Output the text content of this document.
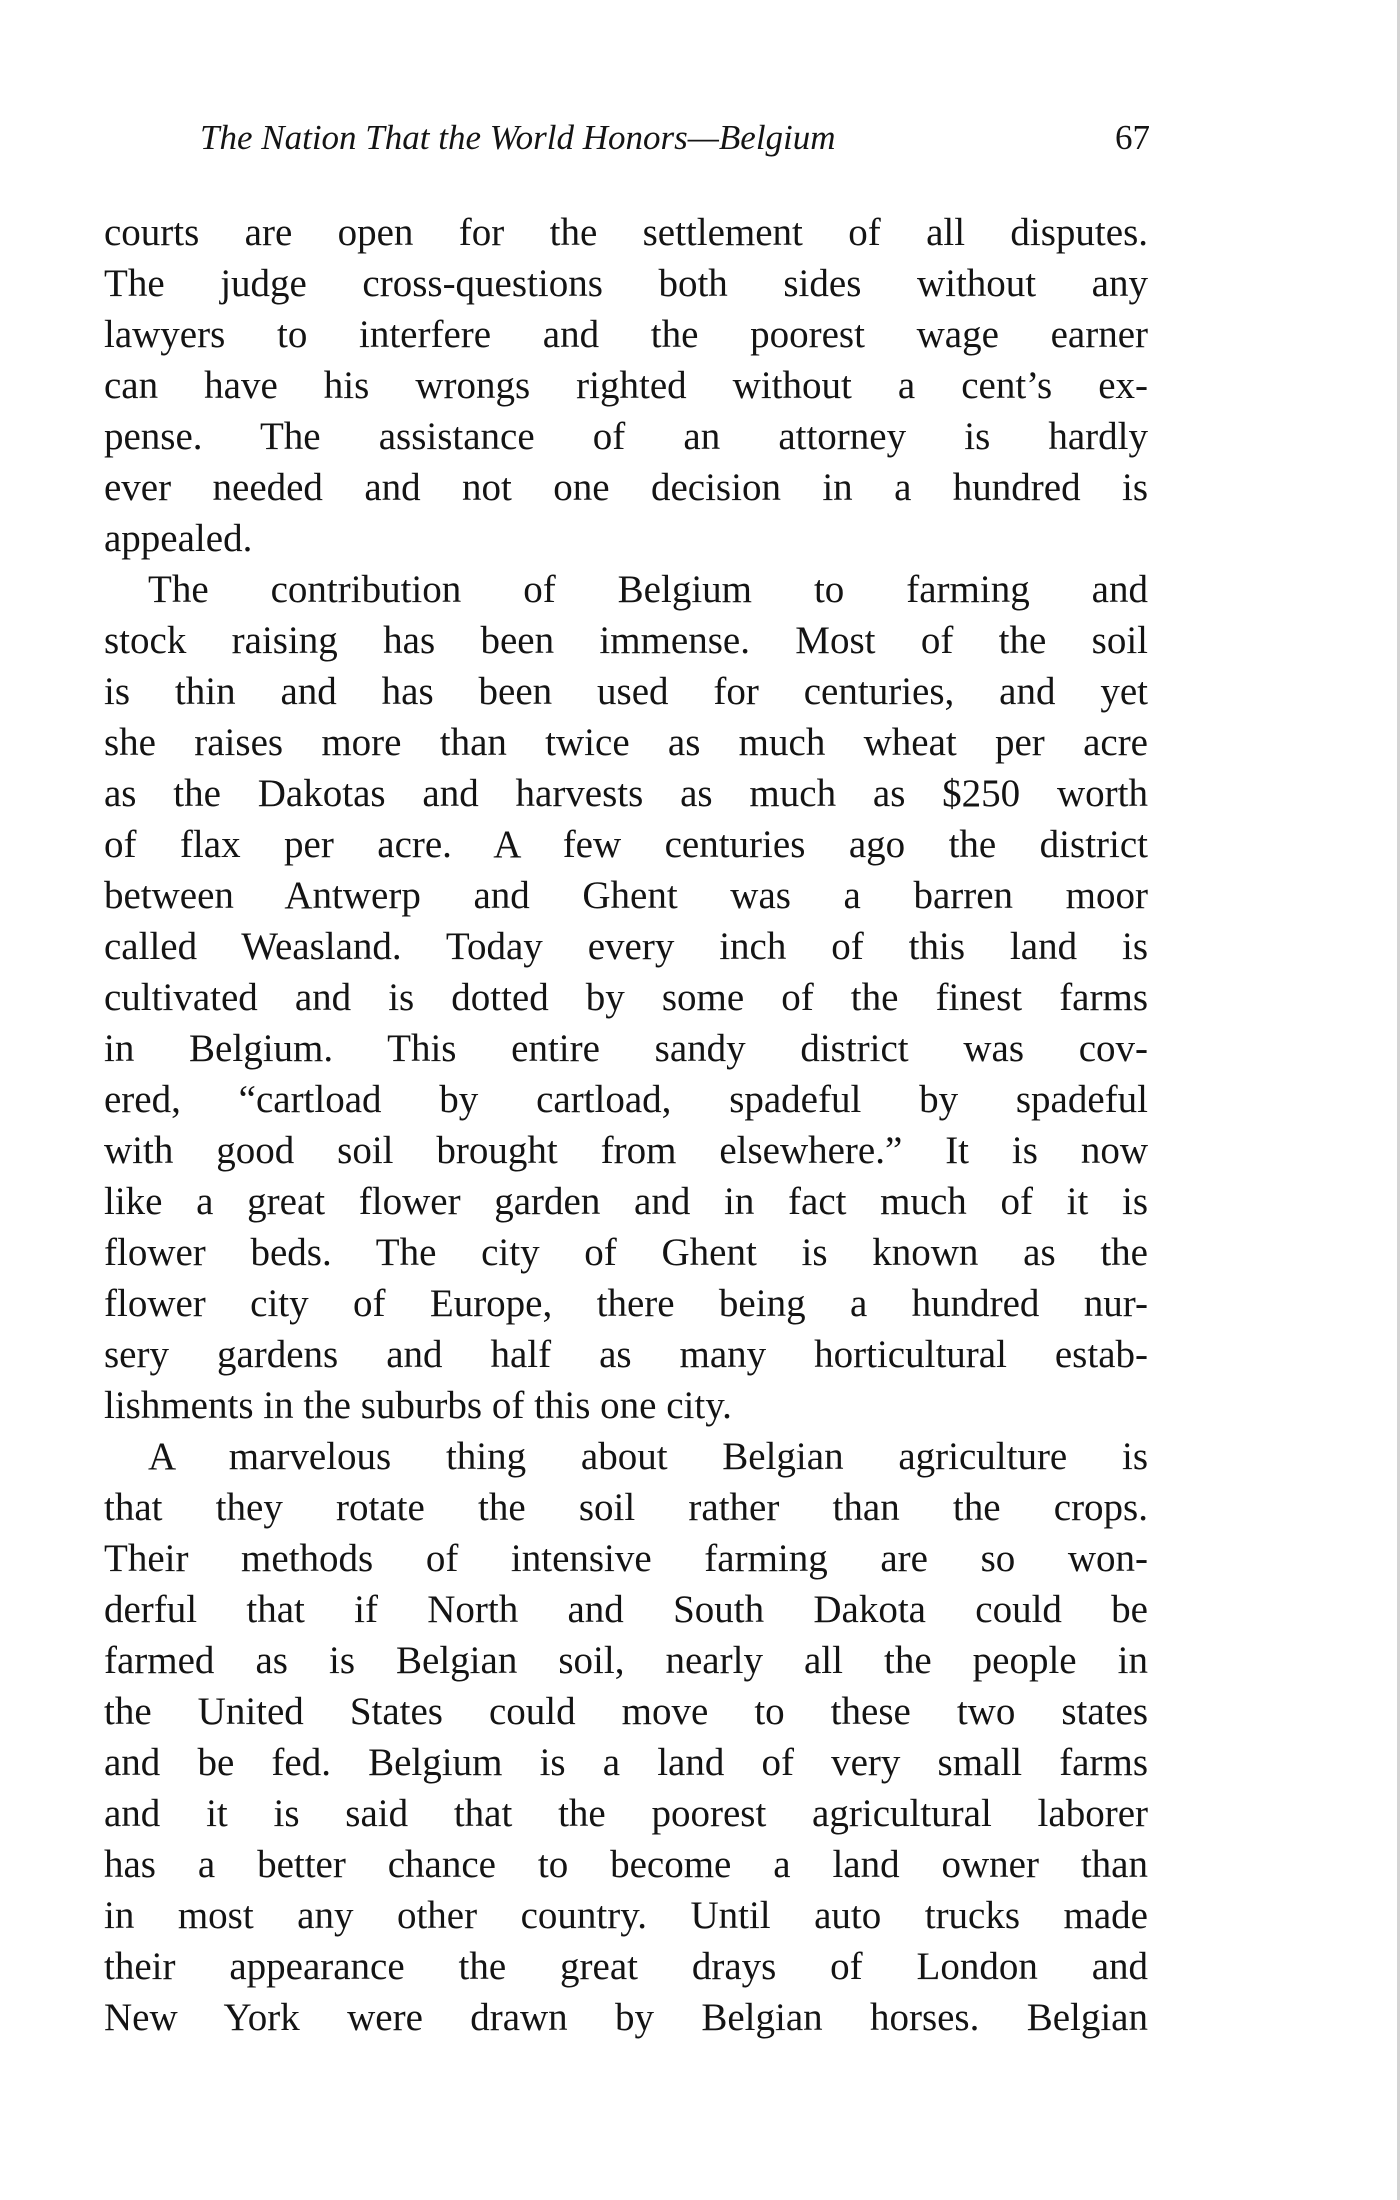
The Nation That the World Honors—Belgium	67
courts are open for the settlement of all disputes.
The judge cross-questions both sides without any
lawyers to interfere and the poorest wage earner
can have his wrongs righted without a cent’s ex-
pense. The assistance of an attorney is hardly
ever needed and not one decision in a hundred is
appealed.
The contribution of Belgium to farming and
stock raising has been immense. Most of the soil
is thin and has been used for centuries, and yet
she raises more than twice as much wheat per acre
as the Dakotas and harvests as much as $250 worth
of flax per acre. A few centuries ago the district
between Antwerp and Ghent was a barren moor
called Weasland. Today every inch of this land is
cultivated and is dotted by some of the finest farms
in Belgium. This entire sandy district was cov-
ered, “cartload by cartload, spadeful by spadeful
with good soil brought from elsewhere.” It is now
like a great flower garden and in fact much of it is
flower beds. The city of Ghent is known as the
flower city of Europe, there being a hundred nur-
sery gardens and half as many horticultural estab-
lishments in the suburbs of this one city.
A marvelous thing about Belgian agriculture is
that they rotate the soil rather than the crops.
Their methods of intensive farming are so won-
derful that if North and South Dakota could be
farmed as is Belgian soil, nearly all the people in
the United States could move to these two states
and be fed. Belgium is a land of very small farms
and it is said that the poorest agricultural laborer
has a better chance to become a land owner than
in most any other country. Until auto trucks made
their appearance the great drays of London and
New York were drawn by Belgian horses. Belgian
